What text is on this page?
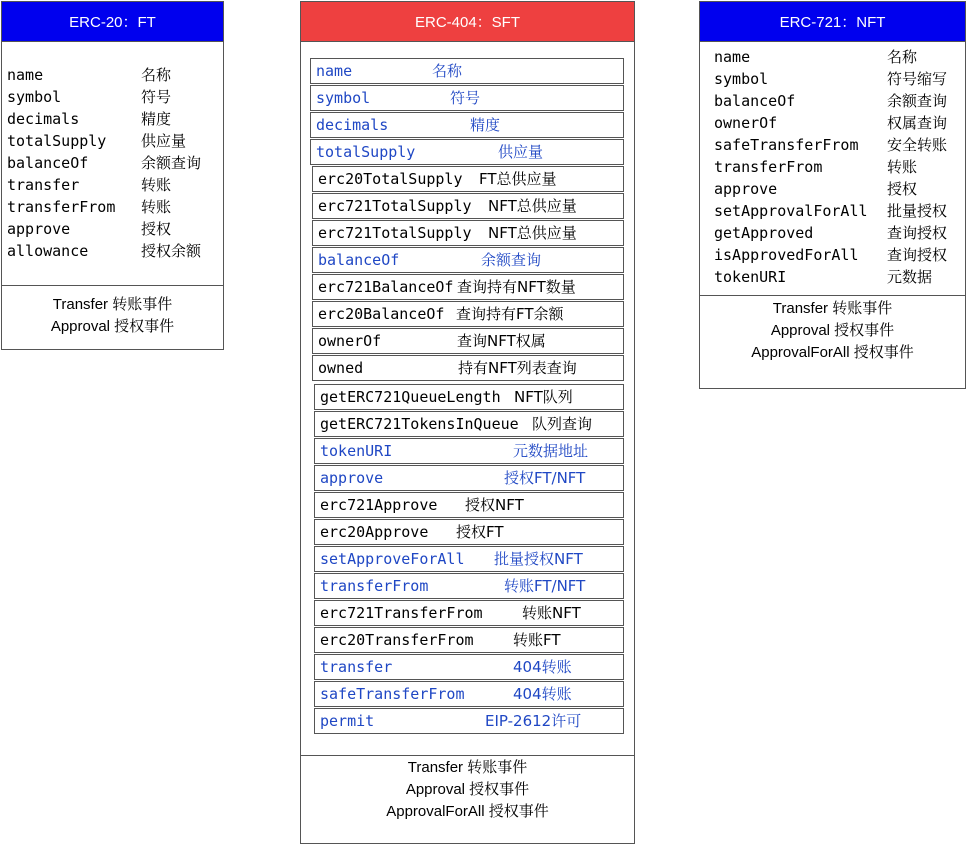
ERC-20：FT
name	名称
symbol	符号
decimals	精度
totalSupply 供应量
balanceOf	余额查询
transfer	转账
transferFrom 转账
approve	授权
allowance	授权余额
Transfer 转账事件
Approval 授权事件
ERC-404：SFT
name	名称
symbol	符号
decimals	精度
totalSupply	供应量
erc20TotalSupply FT总供应量
erc721TotalSupply NFT总供应量
erc721TotalSupply NFT总供应量
balanceOf	余额查询
erc721BalanceOf 查询持有NFT数量
erc20BalanceOf 查询持有FT余额
ownerOf	查询NFT权属
owned	持有NFT列表查询
getERC721QueueLength NFT队列
getERC721TokensInQueue 队列查询
tokenURI	元数据地址
approve	授权FT/NFT
erc721Approve 授权NFT
erc20Approve 授权FT
setApproveForAll 批量授权NFT
transferFrom	转账FT/NFT
erc721TransferFrom	转账NFT
erc20TransferFrom	转账FT
transfer	404转账
safeTransferFrom	404转账
permit	EIP-2612许可
Transfer 转账事件
Approval 授权事件
ApprovalForAll 授权事件
ERC-721：NFT
name	名称
symbol	符号缩写
balanceOf	余额查询
ownerOf	权属查询
safeTransferFrom 安全转账
transferFrom	转账
approve	授权
setApprovalForAll 批量授权
getApproved	查询授权
isApprovedForAll 查询授权
tokenURI	元数据
Transfer 转账事件
Approval 授权事件
ApprovalForAll 授权事件
